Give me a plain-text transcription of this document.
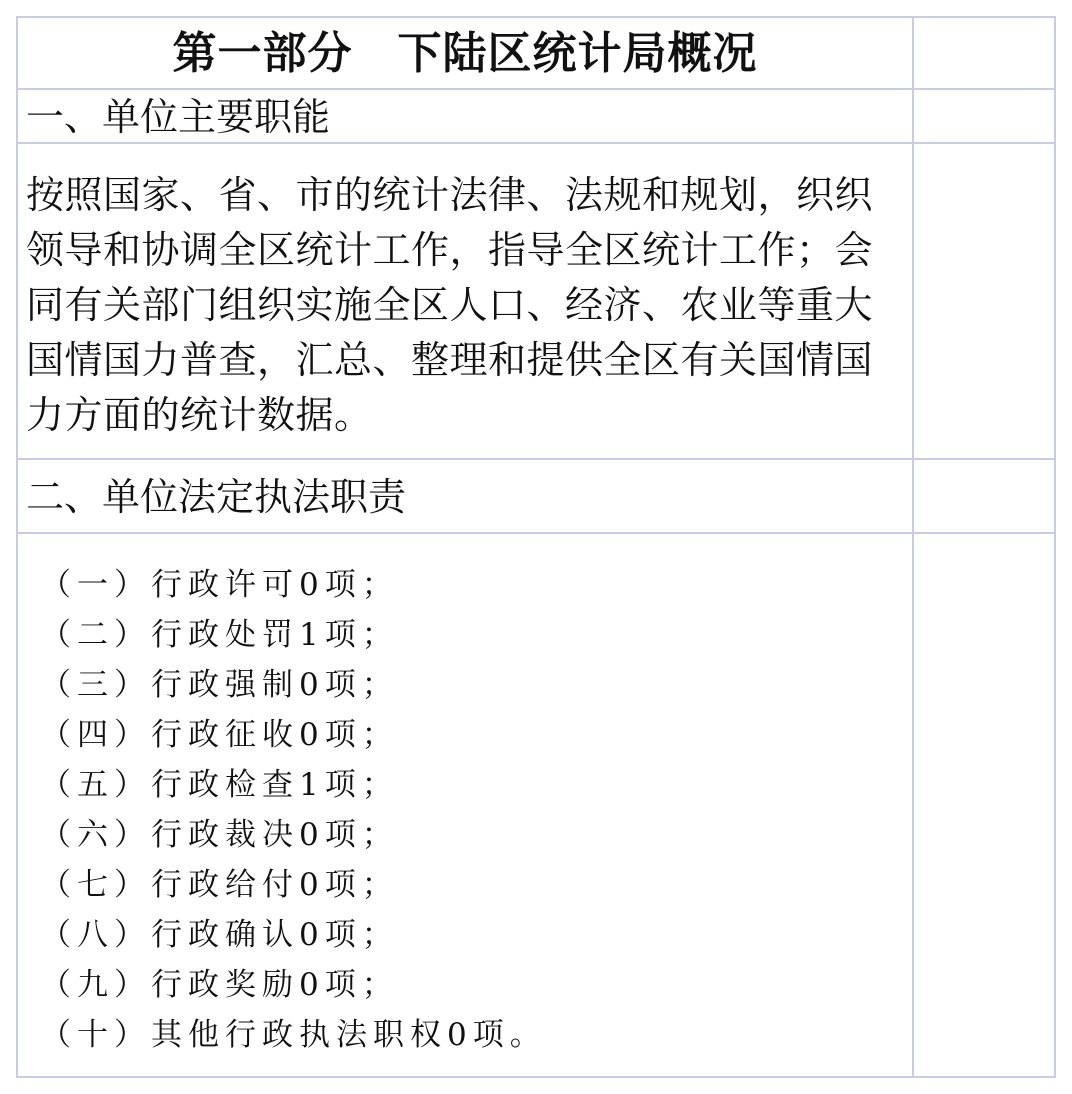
第一部分　下陆区统计局概况
一、单位主要职能
按照国家、省、市的统计法律、法规和规划，织织领导和协调全区统计工作，指导全区统计工作；会同有关部门组织实施全区人口、经济、农业等重大国情国力普查，汇总、整理和提供全区有关国情国力方面的统计数据。
二、单位法定执法职责
（一）行政许可0项；
（二）行政处罚1项；
（三）行政强制0项；
（四）行政征收0项；
（五）行政检查1项；
（六）行政裁决0项；
（七）行政给付0项；
（八）行政确认0项；
（九）行政奖励0项；
（十）其他行政执法职权0项。
